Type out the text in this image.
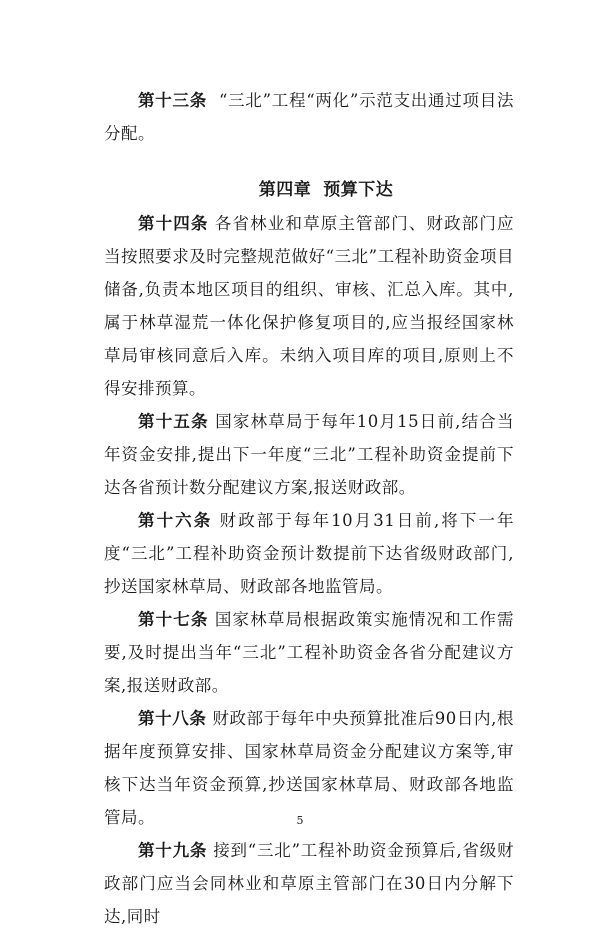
第十三条 “三北”工程“两化”示范支出通过项目法分配。

第四章 预算下达

第十四条 各省林业和草原主管部门、财政部门应当按照要求及时完整规范做好“三北”工程补助资金项目储备,负责本地区项目的组织、审核、汇总入库。其中,属于林草湿荒一体化保护修复项目的,应当报经国家林草局审核同意后入库。未纳入项目库的项目,原则上不得安排预算。

第十五条 国家林草局于每年10月15日前,结合当年资金安排,提出下一年度“三北”工程补助资金提前下达各省预计数分配建议方案,报送财政部。

第十六条 财政部于每年10月31日前,将下一年度“三北”工程补助资金预计数提前下达省级财政部门,抄送国家林草局、财政部各地监管局。

第十七条 国家林草局根据政策实施情况和工作需要,及时提出当年“三北”工程补助资金各省分配建议方案,报送财政部。

第十八条 财政部于每年中央预算批准后90日内,根据年度预算安排、国家林草局资金分配建议方案等,审核下达当年资金预算,抄送国家林草局、财政部各地监管局。

第十九条 接到“三北”工程补助资金预算后,省级财政部门应当会同林业和草原主管部门在30日内分解下达,同时

5
